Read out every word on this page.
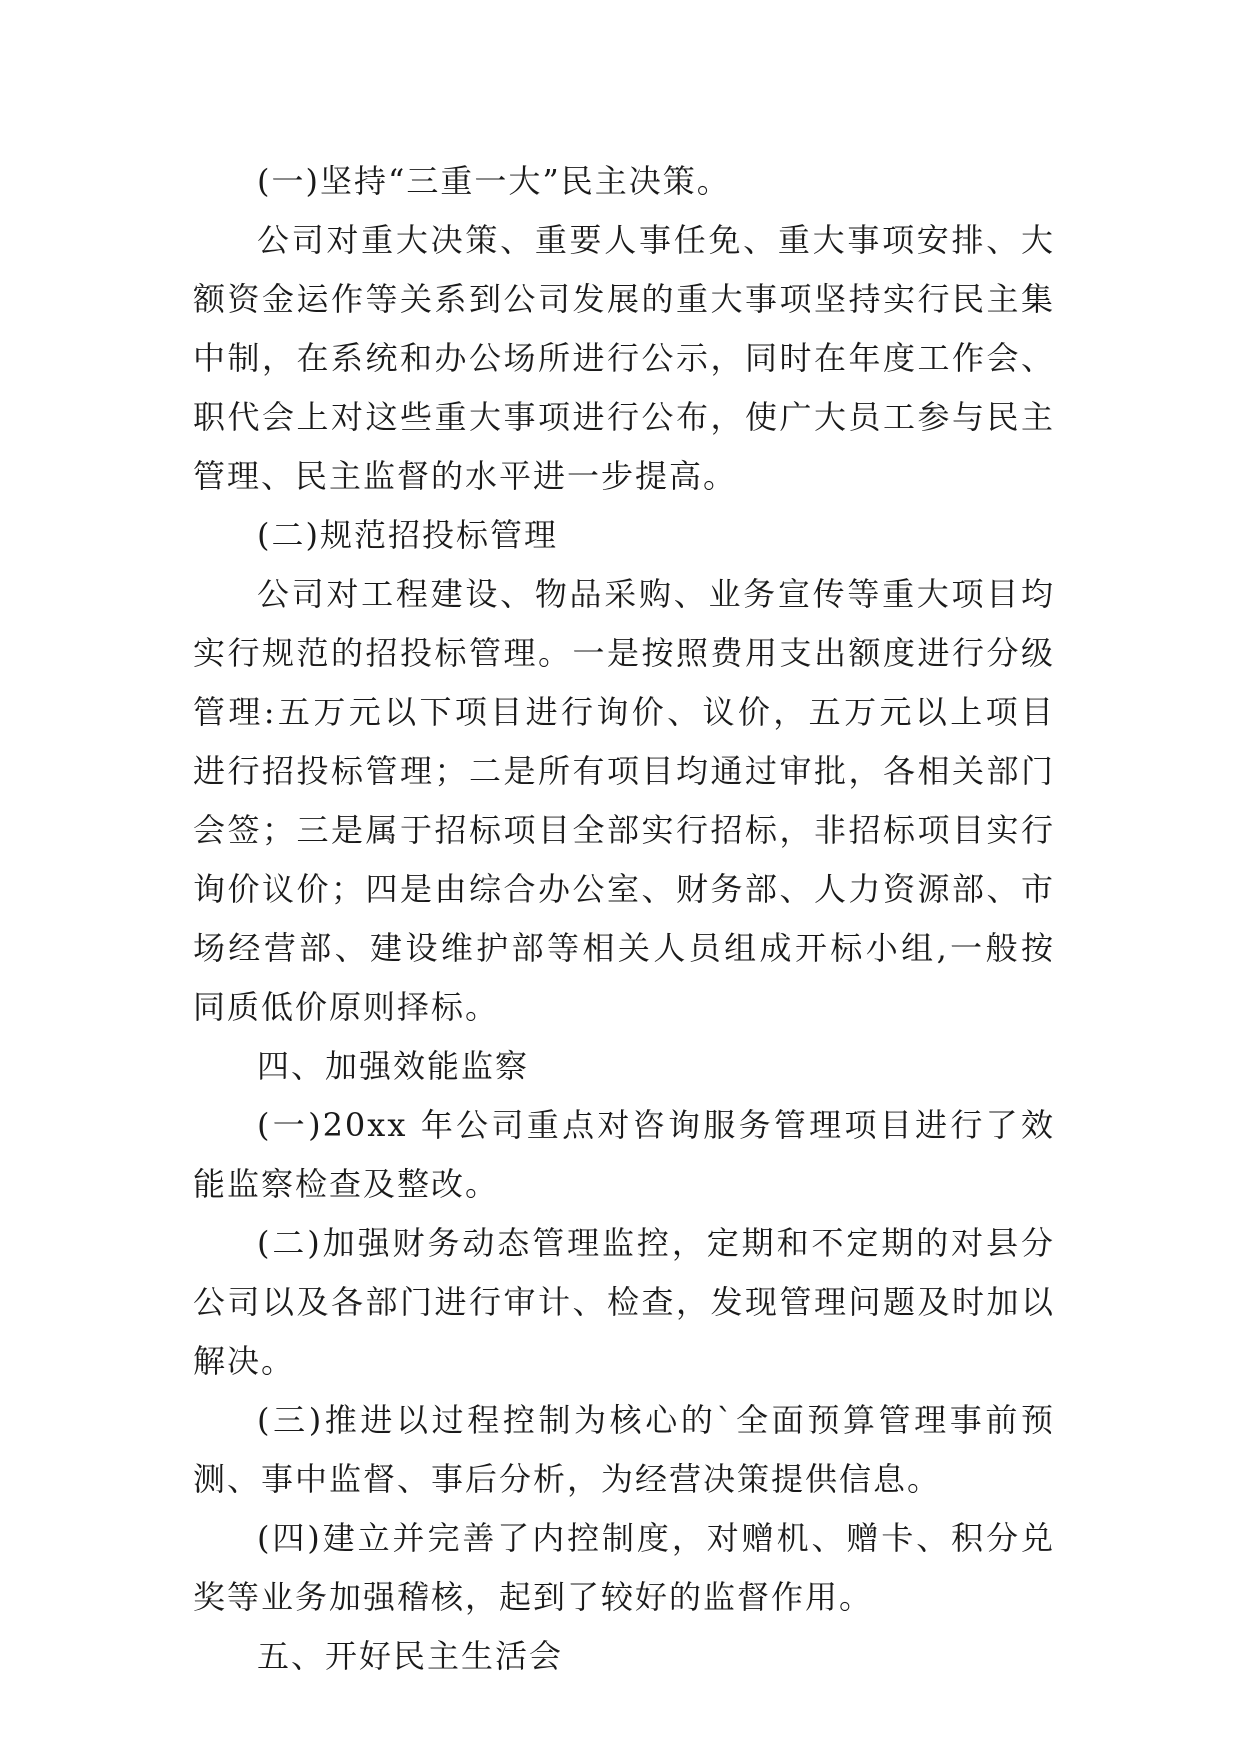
(一)坚持“三重一大”民主决策。

公司对重大决策、重要人事任免、重大事项安排、大额资金运作等关系到公司发展的重大事项坚持实行民主集中制，在系统和办公场所进行公示，同时在年度工作会、职代会上对这些重大事项进行公布，使广大员工参与民主管理、民主监督的水平进一步提高。

(二)规范招投标管理

公司对工程建设、物品采购、业务宣传等重大项目均实行规范的招投标管理。一是按照费用支出额度进行分级管理:五万元以下项目进行询价、议价，五万元以上项目进行招投标管理；二是所有项目均通过审批，各相关部门会签；三是属于招标项目全部实行招标，非招标项目实行询价议价；四是由综合办公室、财务部、人力资源部、市场经营部、建设维护部等相关人员组成开标小组,一般按同质低价原则择标。

四、加强效能监察

(一)20xx 年公司重点对咨询服务管理项目进行了效能监察检查及整改。

(二)加强财务动态管理监控，定期和不定期的对县分公司以及各部门进行审计、检查，发现管理问题及时加以解决。

(三)推进以过程控制为核心的`全面预算管理事前预测、事中监督、事后分析，为经营决策提供信息。

(四)建立并完善了内控制度，对赠机、赠卡、积分兑奖等业务加强稽核，起到了较好的监督作用。

五、开好民主生活会
